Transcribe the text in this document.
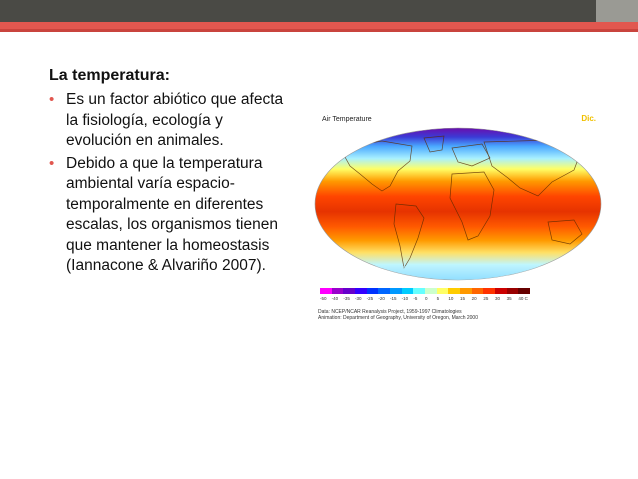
La temperatura:
• Es un factor abiótico que afecta la fisiología, ecología y evolución en animales.
• Debido a que la temperatura ambiental varía espacio-temporalmente en diferentes escalas, los organismos tienen que mantener la homeostasis (Iannacone & Alvariño 2007).
Air Temperature	Dic.
-50 -40 -35 -30 -25 -20 -15 -10 -5 0 5 10 15 20 25 30 35 40 C
Data: NCEP/NCAR Reanalysis Project, 1959-1997 Climatologies
Animation: Department of Geography, University of Oregon, March 2000
